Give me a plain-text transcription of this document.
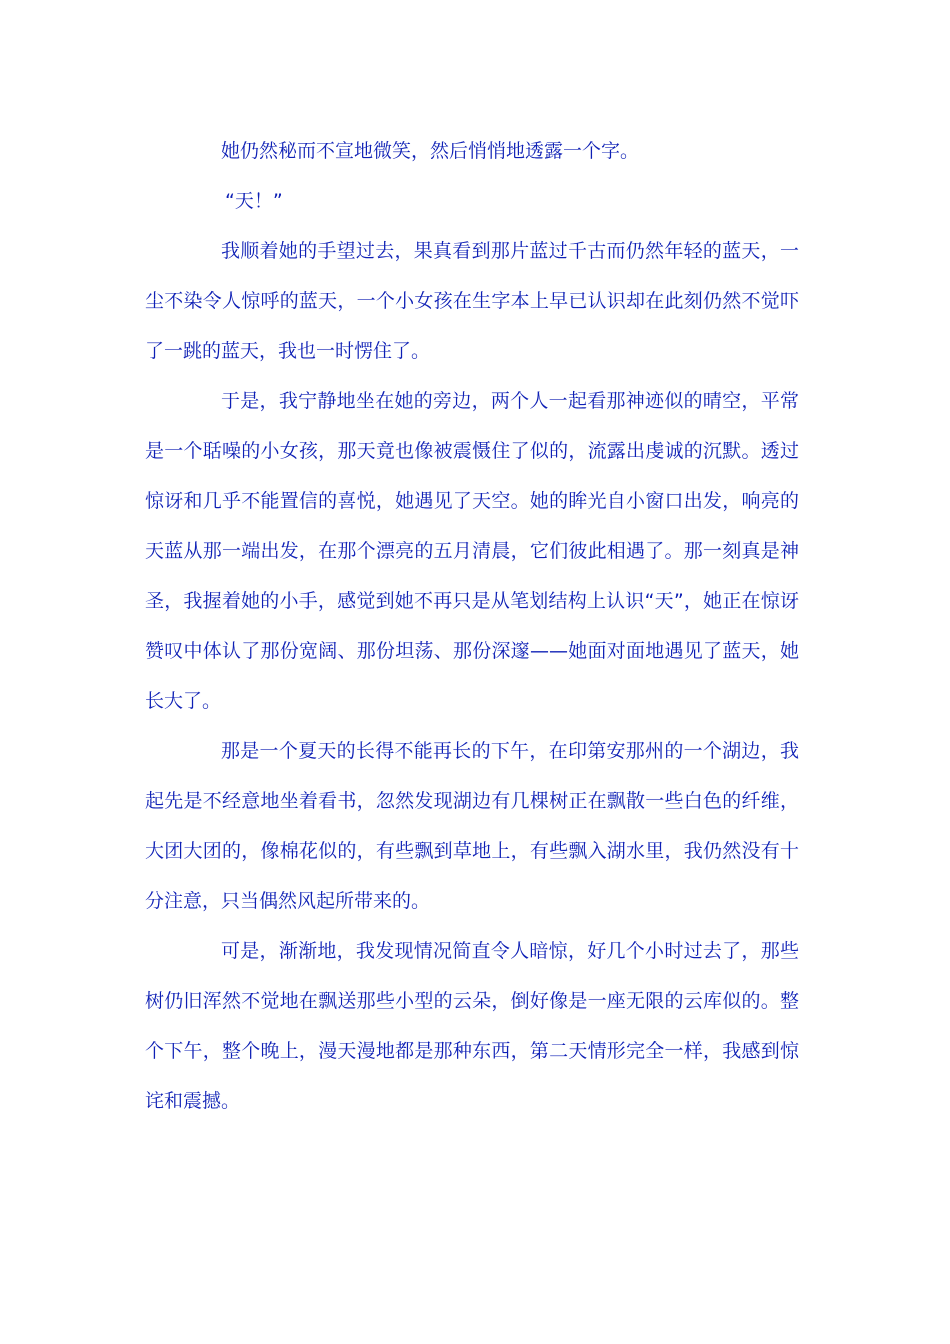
她仍然秘而不宣地微笑，然后悄悄地透露一个字。

“天！”

我顺着她的手望过去，果真看到那片蓝过千古而仍然年轻的蓝天，一尘不染令人惊呼的蓝天，一个小女孩在生字本上早已认识却在此刻仍然不觉吓了一跳的蓝天，我也一时愣住了。

于是，我宁静地坐在她的旁边，两个人一起看那神迹似的晴空，平常是一个聒噪的小女孩，那天竟也像被震慑住了似的，流露出虔诚的沉默。透过惊讶和几乎不能置信的喜悦，她遇见了天空。她的眸光自小窗口出发，响亮的天蓝从那一端出发，在那个漂亮的五月清晨，它们彼此相遇了。那一刻真是神圣，我握着她的小手，感觉到她不再只是从笔划结构上认识“天”，她正在惊讶赞叹中体认了那份宽阔、那份坦荡、那份深邃——她面对面地遇见了蓝天，她长大了。

那是一个夏天的长得不能再长的下午，在印第安那州的一个湖边，我起先是不经意地坐着看书，忽然发现湖边有几棵树正在飘散一些白色的纤维，大团大团的，像棉花似的，有些飘到草地上，有些飘入湖水里，我仍然没有十分注意，只当偶然风起所带来的。

可是，渐渐地，我发现情况简直令人暗惊，好几个小时过去了，那些树仍旧浑然不觉地在飘送那些小型的云朵，倒好像是一座无限的云库似的。整个下午，整个晚上，漫天漫地都是那种东西，第二天情形完全一样，我感到惊诧和震撼。
